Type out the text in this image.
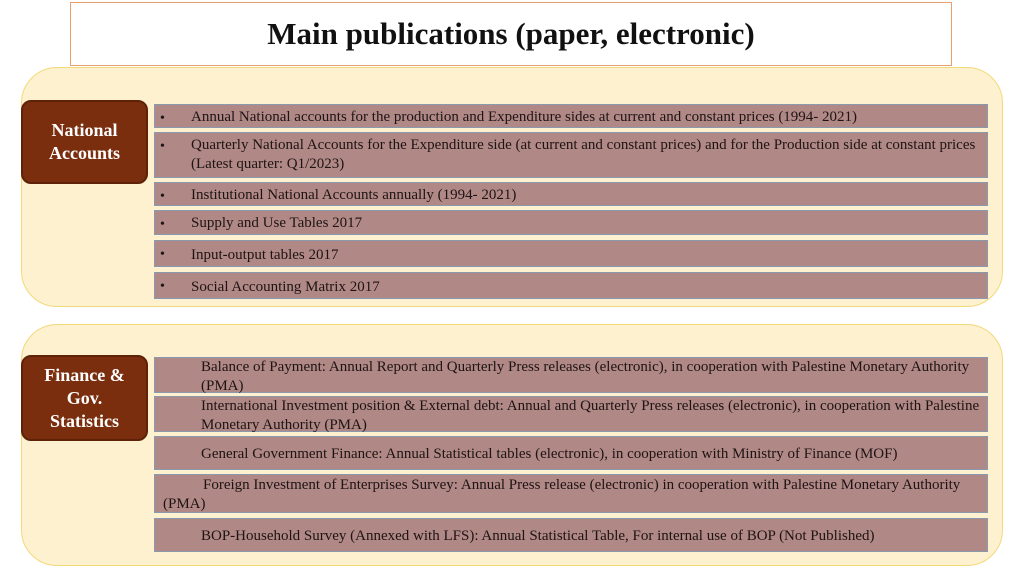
Main publications (paper, electronic)
National
Accounts
• Annual National accounts for the production and Expenditure sides at current and constant prices (1994- 2021)
• Quarterly National Accounts for the Expenditure side (at current and constant prices) and for the Production side at constant prices (Latest quarter: Q1/2023)
• Institutional National Accounts annually (1994- 2021)
• Supply and Use Tables 2017
• Input-output tables 2017
• Social Accounting Matrix 2017
Finance &
Gov.
Statistics
Balance of Payment: Annual Report and Quarterly Press releases (electronic), in cooperation with Palestine Monetary Authority (PMA)
International Investment position & External debt: Annual and Quarterly Press releases (electronic), in cooperation with Palestine Monetary Authority (PMA)
General Government Finance: Annual Statistical tables (electronic), in cooperation with Ministry of Finance (MOF)
Foreign Investment of Enterprises Survey: Annual Press release (electronic) in cooperation with Palestine Monetary Authority (PMA)
BOP-Household Survey (Annexed with LFS): Annual Statistical Table, For internal use of BOP (Not Published)
